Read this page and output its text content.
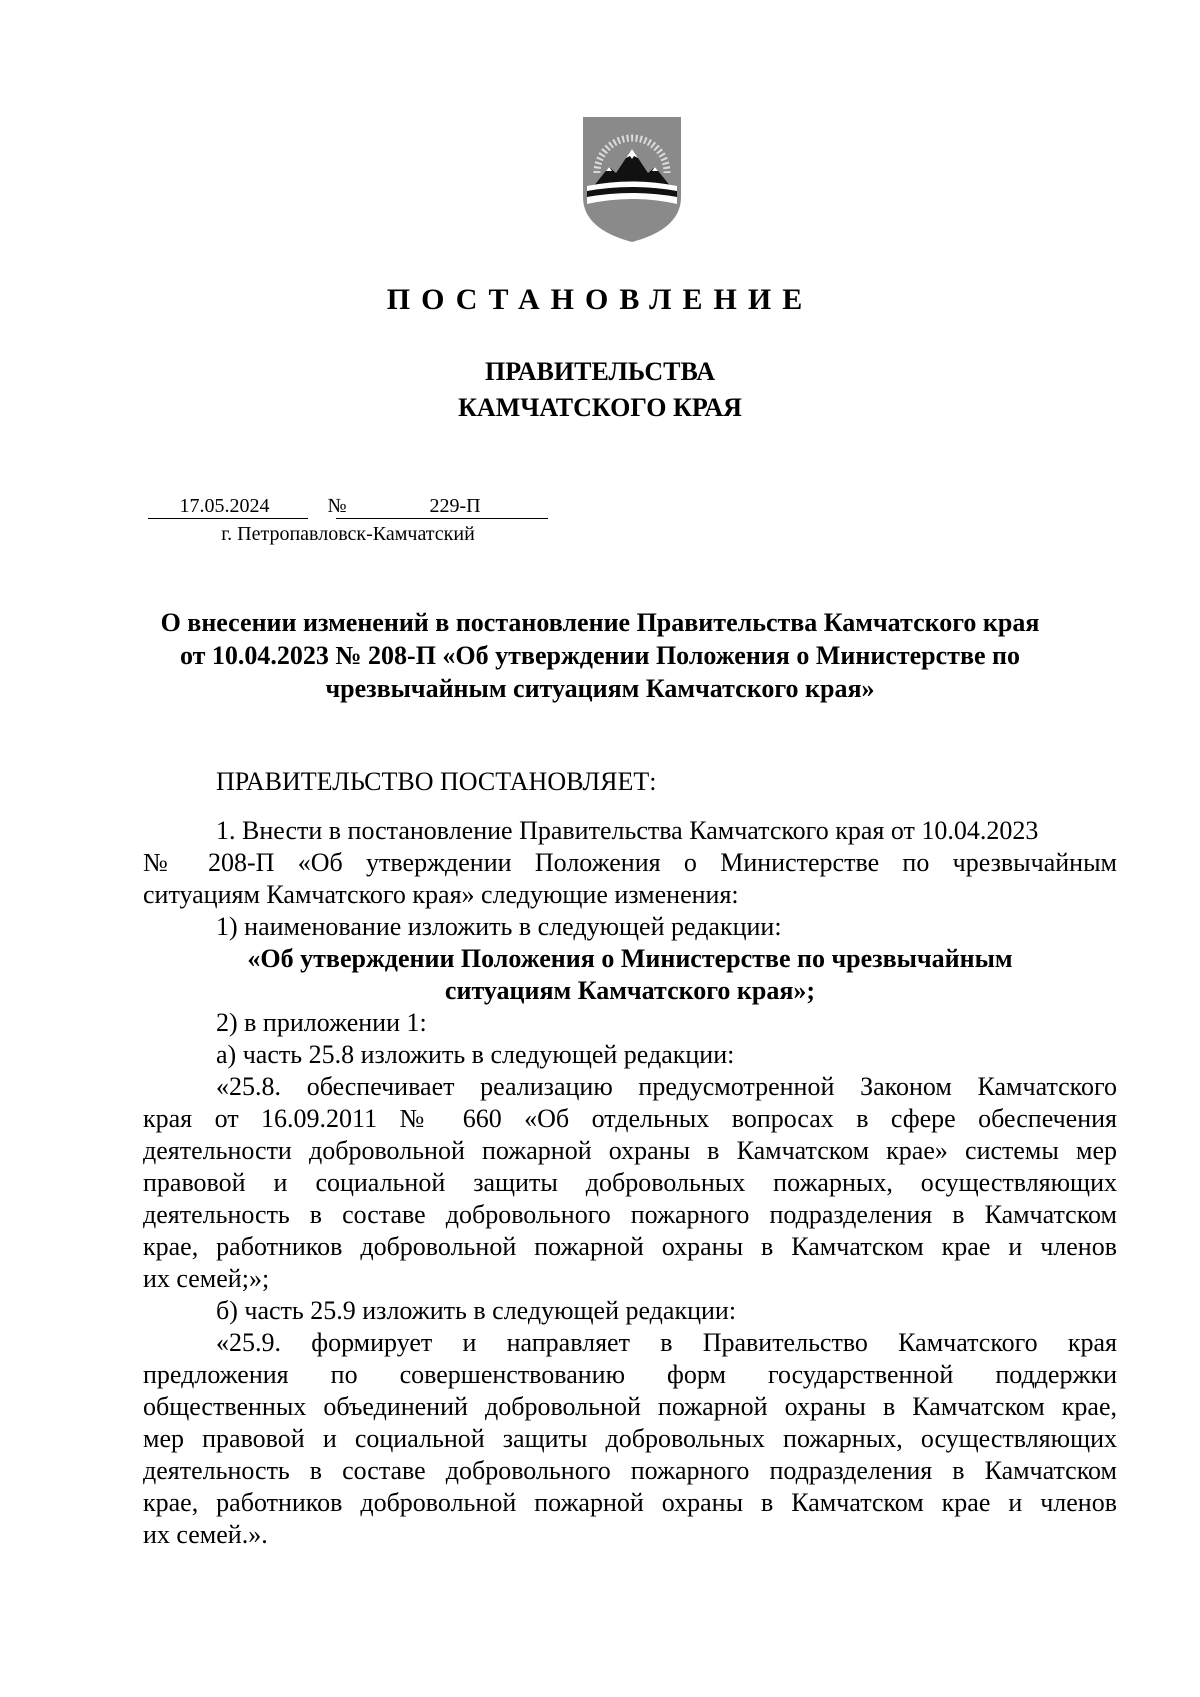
ПОСТАНОВЛЕНИЕ
ПРАВИТЕЛЬСТВА
КАМЧАТСКОГО КРАЯ
17.05.2024	№	229-П
г. Петропавловск-Камчатский
О внесении изменений в постановление Правительства Камчатского края
от 10.04.2023 № 208-П «Об утверждении Положения о Министерстве по
чрезвычайным ситуациям Камчатского края»
ПРАВИТЕЛЬСТВО ПОСТАНОВЛЯЕТ:
1. Внести в постановление Правительства Камчатского края от 10.04.2023
№ 208-П «Об утверждении Положения о Министерстве по чрезвычайным
ситуациям Камчатского края» следующие изменения:
1) наименование изложить в следующей редакции:
«Об утверждении Положения о Министерстве по чрезвычайным
ситуациям Камчатского края»;
2) в приложении 1:
а) часть 25.8 изложить в следующей редакции:
«25.8. обеспечивает реализацию предусмотренной Законом Камчатского
края от 16.09.2011 № 660 «Об отдельных вопросах в сфере обеспечения
деятельности добровольной пожарной охраны в Камчатском крае» системы мер
правовой и социальной защиты добровольных пожарных, осуществляющих
деятельность в составе добровольного пожарного подразделения в Камчатском
крае, работников добровольной пожарной охраны в Камчатском крае и членов
их семей;»;
б) часть 25.9 изложить в следующей редакции:
«25.9. формирует и направляет в Правительство Камчатского края
предложения по совершенствованию форм государственной поддержки
общественных объединений добровольной пожарной охраны в Камчатском крае,
мер правовой и социальной защиты добровольных пожарных, осуществляющих
деятельность в составе добровольного пожарного подразделения в Камчатском
крае, работников добровольной пожарной охраны в Камчатском крае и членов
их семей.».
